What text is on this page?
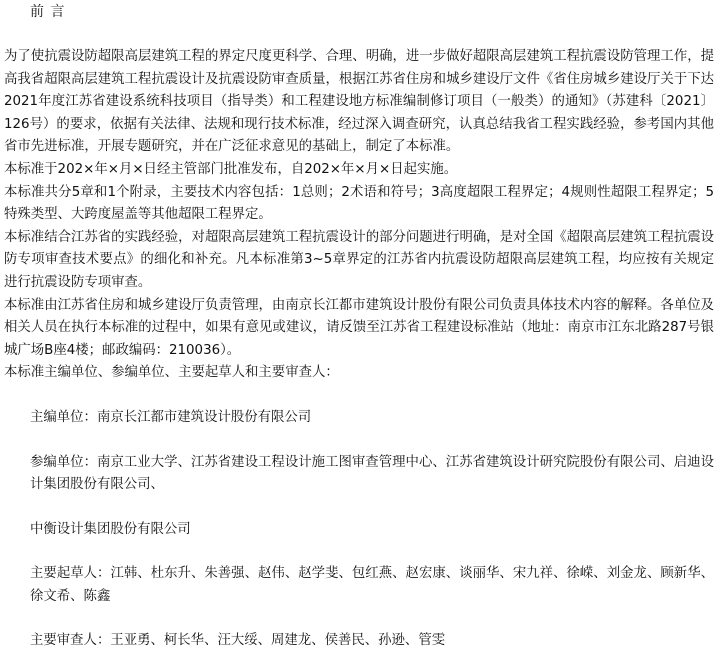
前 言

为了使抗震设防超限高层建筑工程的界定尺度更科学、合理、明确，进一步做好超限高层建筑工程抗震设防管理工作，提高我省超限高层建筑工程抗震设计及抗震设防审查质量，根据江苏省住房和城乡建设厅文件《省住房城乡建设厅关于下达2021年度江苏省建设系统科技项目（指导类）和工程建设地方标准编制修订项目（一般类）的通知》（苏建科〔2021〕126号）的要求，依据有关法律、法规和现行技术标准，经过深入调查研究，认真总结我省工程实践经验，参考国内其他省市先进标准，开展专题研究，并在广泛征求意见的基础上，制定了本标准。

本标准于202×年×月×日经主管部门批准发布，自202×年×月×日起实施。

本标准共分5章和1个附录，主要技术内容包括：1总则；2术语和符号；3高度超限工程界定；4规则性超限工程界定；5特殊类型、大跨度屋盖等其他超限工程界定。

本标准结合江苏省的实践经验，对超限高层建筑工程抗震设计的部分问题进行明确，是对全国《超限高层建筑工程抗震设防专项审查技术要点》的细化和补充。凡本标准第3~5章界定的江苏省内抗震设防超限高层建筑工程，均应按有关规定进行抗震设防专项审查。

本标准由江苏省住房和城乡建设厅负责管理，由南京长江都市建筑设计股份有限公司负责具体技术内容的解释。各单位及相关人员在执行本标准的过程中，如果有意见或建议，请反馈至江苏省工程建设标准站（地址：南京市江东北路287号银城广场B座4楼；邮政编码：210036）。

本标准主编单位、参编单位、主要起草人和主要审查人：

主编单位：南京长江都市建筑设计股份有限公司

参编单位：南京工业大学、江苏省建设工程设计施工图审查管理中心、江苏省建筑设计研究院股份有限公司、启迪设计集团股份有限公司、

中衡设计集团股份有限公司

主要起草人：江韩、杜东升、朱善强、赵伟、赵学斐、包红燕、赵宏康、谈丽华、宋九祥、徐嵘、刘金龙、顾新华、徐文希、陈鑫

主要审查人：王亚勇、柯长华、汪大绥、周建龙、侯善民、孙逊、管雯
